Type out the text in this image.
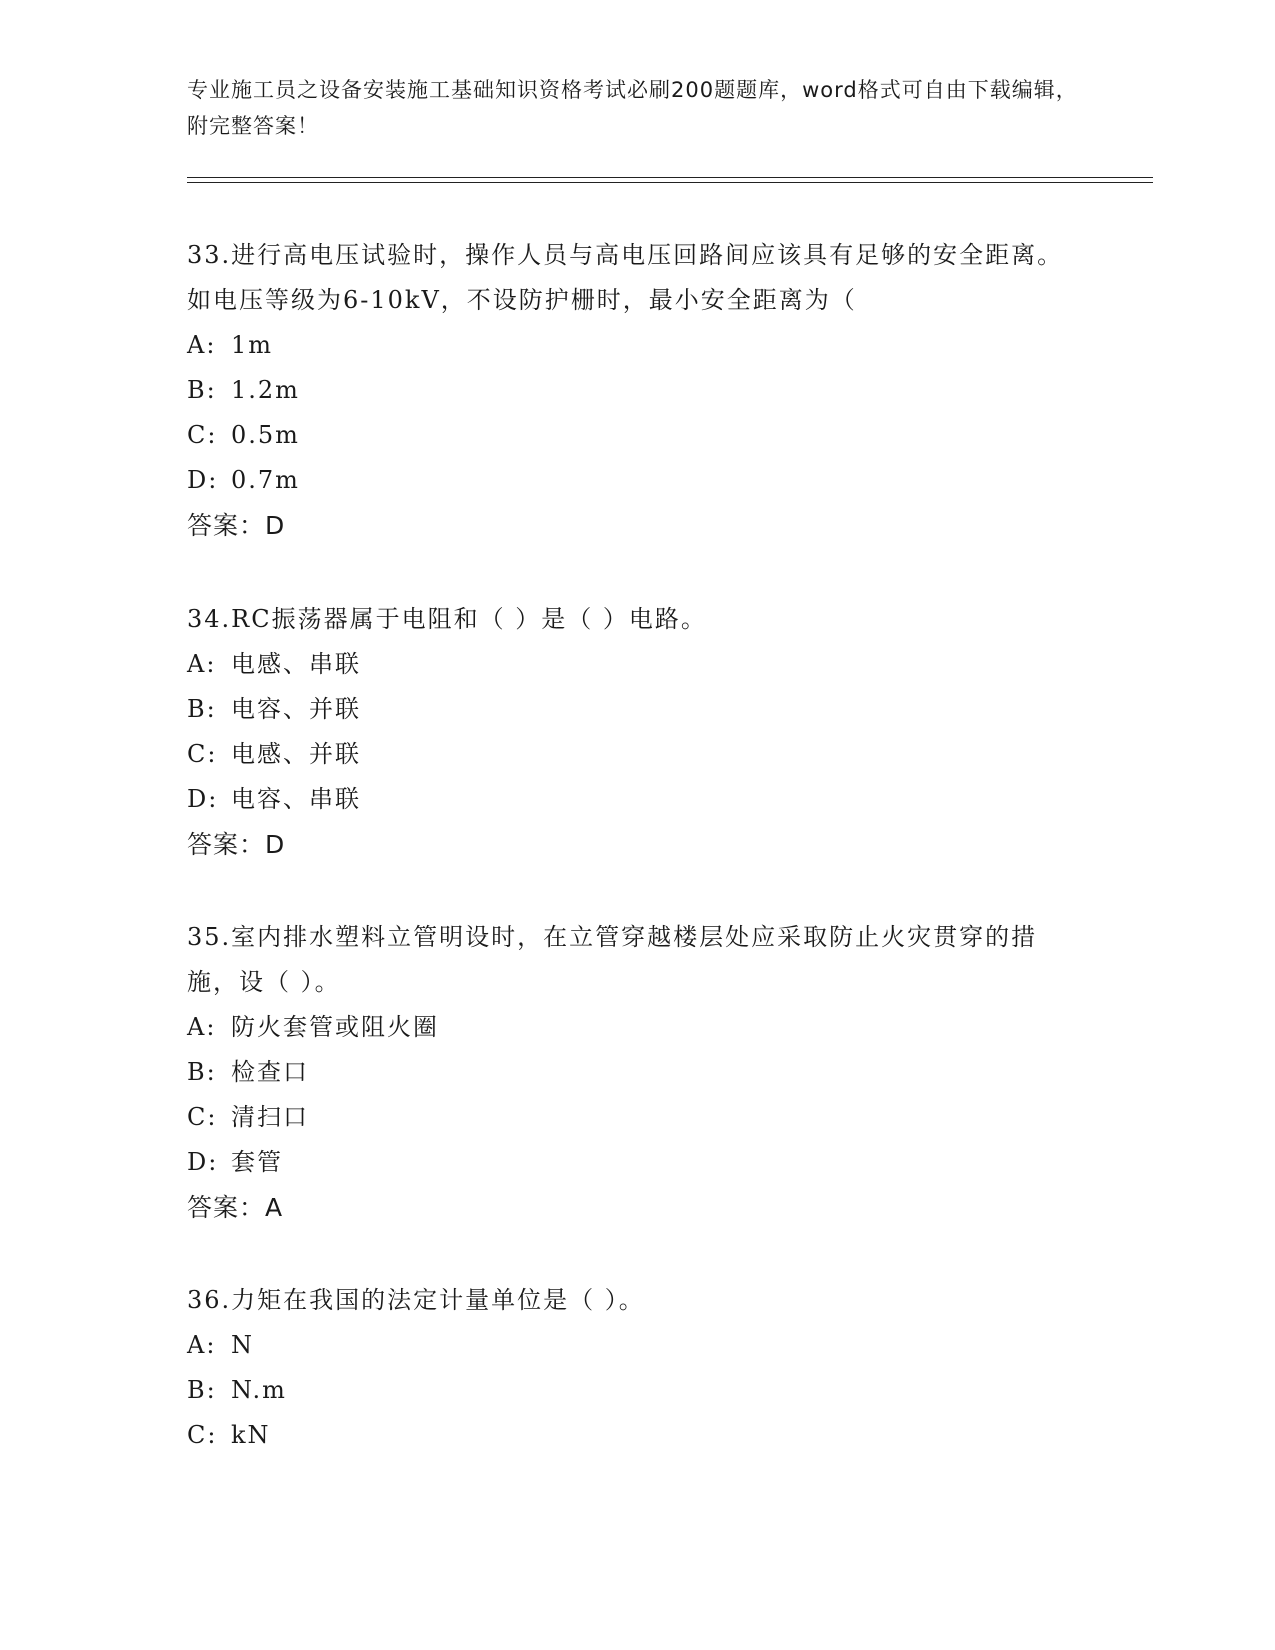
专业施工员之设备安装施工基础知识资格考试必刷200题题库，word格式可自由下载编辑，附完整答案！
33.进行高电压试验时，操作人员与高电压回路间应该具有足够的安全距离。如电压等级为6-10kV，不设防护栅时，最小安全距离为（
A: 1m
B: 1.2m
C: 0.5m
D: 0.7m
答案：D
34.RC振荡器属于电阻和（ ）是（ ）电路。
A: 电感、串联
B: 电容、并联
C: 电感、并联
D: 电容、串联
答案：D
35.室内排水塑料立管明设时，在立管穿越楼层处应采取防止火灾贯穿的措施，设（ ）。
A: 防火套管或阻火圈
B: 检查口
C: 清扫口
D: 套管
答案：A
36.力矩在我国的法定计量单位是（ ）。
A: N
B: N.m
C: kN
